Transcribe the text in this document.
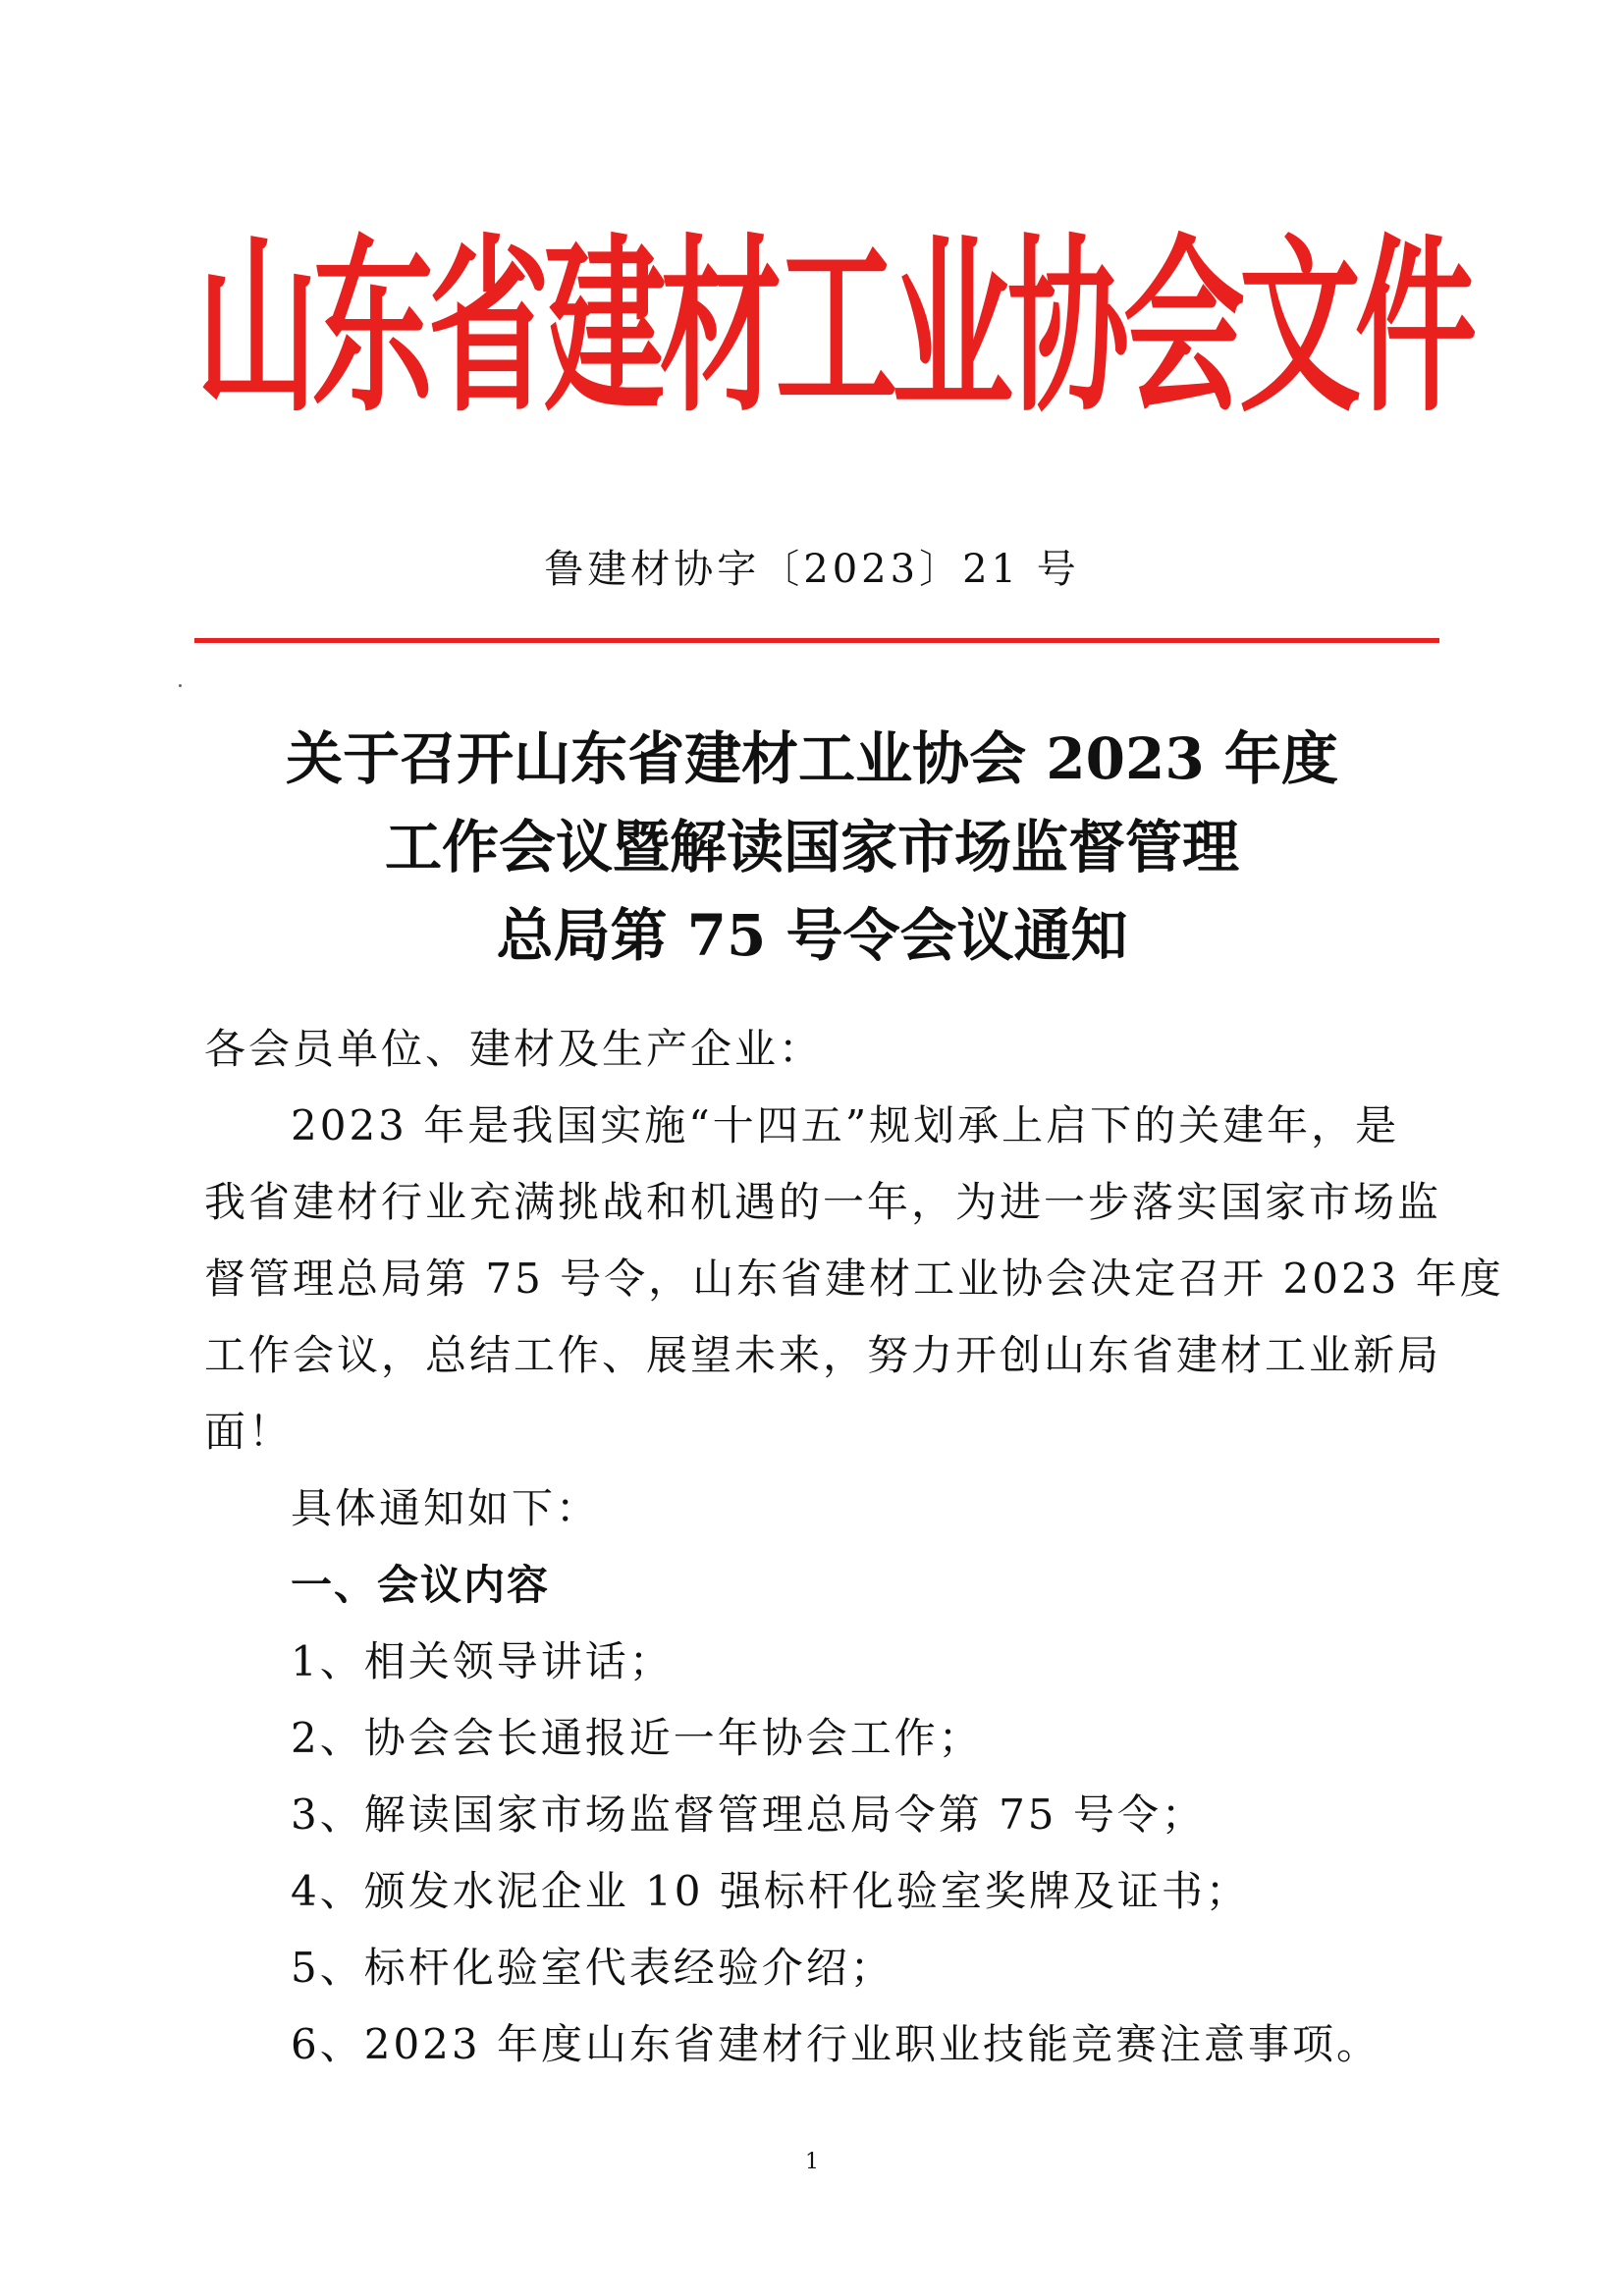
山东省建材工业协会文件
鲁建材协字〔2023〕21 号
关于召开山东省建材工业协会 2023 年度
工作会议暨解读国家市场监督管理
总局第 75 号令会议通知
各会员单位、建材及生产企业：
2023 年是我国实施“十四五”规划承上启下的关建年，是
我省建材行业充满挑战和机遇的一年，为进一步落实国家市场监
督管理总局第 75 号令，山东省建材工业协会决定召开 2023 年度
工作会议，总结工作、展望未来，努力开创山东省建材工业新局
面！
具体通知如下：
一、会议内容
1、相关领导讲话；
2、协会会长通报近一年协会工作；
3、解读国家市场监督管理总局令第 75 号令；
4、颁发水泥企业 10 强标杆化验室奖牌及证书；
5、标杆化验室代表经验介绍；
6、2023 年度山东省建材行业职业技能竞赛注意事项。
1
